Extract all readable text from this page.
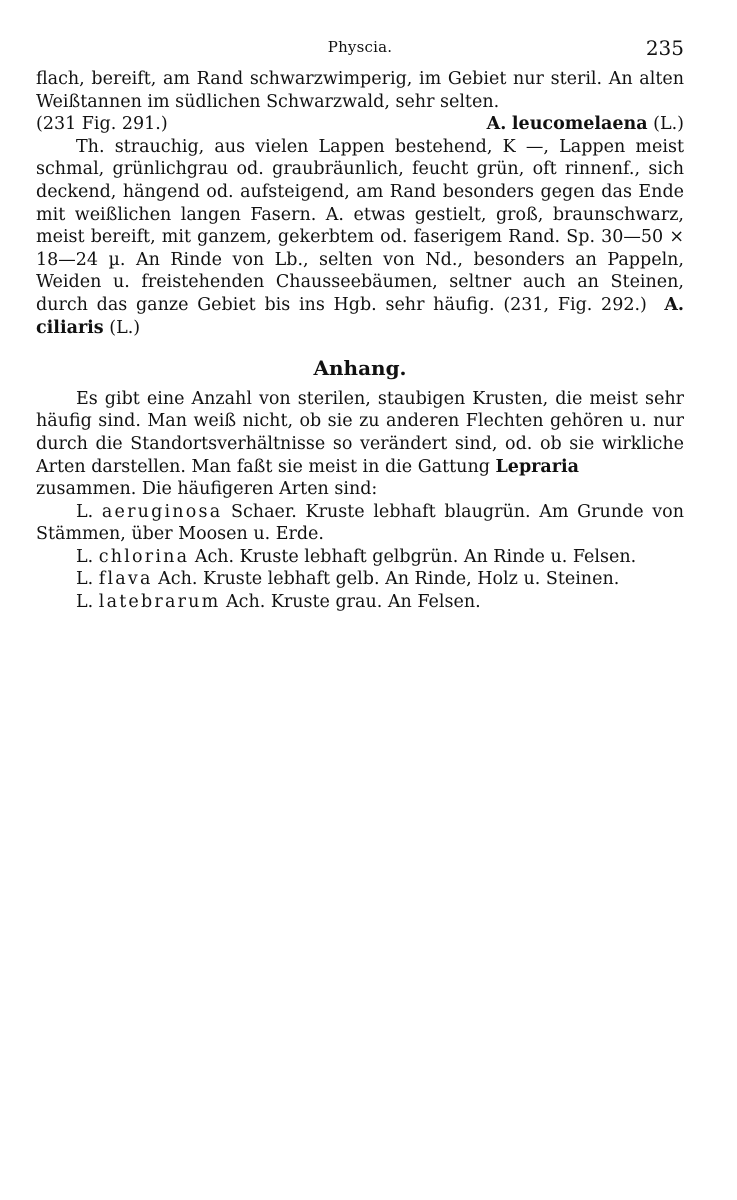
Physcia.	235

flach, bereift, am Rand schwarzwimperig, im Gebiet nur steril. An alten Weißtannen im südlichen Schwarzwald, sehr selten.

(231 Fig. 291.)	A. leucomelaena (L.)

Th. strauchig, aus vielen Lappen bestehend, K —, Lappen meist schmal, grünlichgrau od. graubräunlich, feucht grün, oft rinnenf., sich deckend, hängend od. aufsteigend, am Rand besonders gegen das Ende mit weißlichen langen Fasern. A. etwas gestielt, groß, braunschwarz, meist bereift, mit ganzem, gekerbtem od. faserigem Rand. Sp. 30—50 × 18—24 µ. An Rinde von Lb., selten von Nd., besonders an Pappeln, Weiden u. freistehenden Chausseebäumen, seltner auch an Steinen, durch das ganze Gebiet bis ins Hgb. sehr häufig. (231, Fig. 292.) A. ciliaris (L.)

Anhang.

Es gibt eine Anzahl von sterilen, staubigen Krusten, die meist sehr häufig sind. Man weiß nicht, ob sie zu anderen Flechten gehören u. nur durch die Standortsverhältnisse so verändert sind, od. ob sie wirkliche Arten darstellen. Man faßt sie meist in die Gattung Lepraria
zusammen. Die häufigeren Arten sind:

L. aeruginosa Schaer. Kruste lebhaft blaugrün. Am Grunde von Stämmen, über Moosen u. Erde.

L. chlorina Ach. Kruste lebhaft gelbgrün. An Rinde u. Felsen.

L. flava Ach. Kruste lebhaft gelb. An Rinde, Holz u. Steinen.

L. latebrarum Ach. Kruste grau. An Felsen.
